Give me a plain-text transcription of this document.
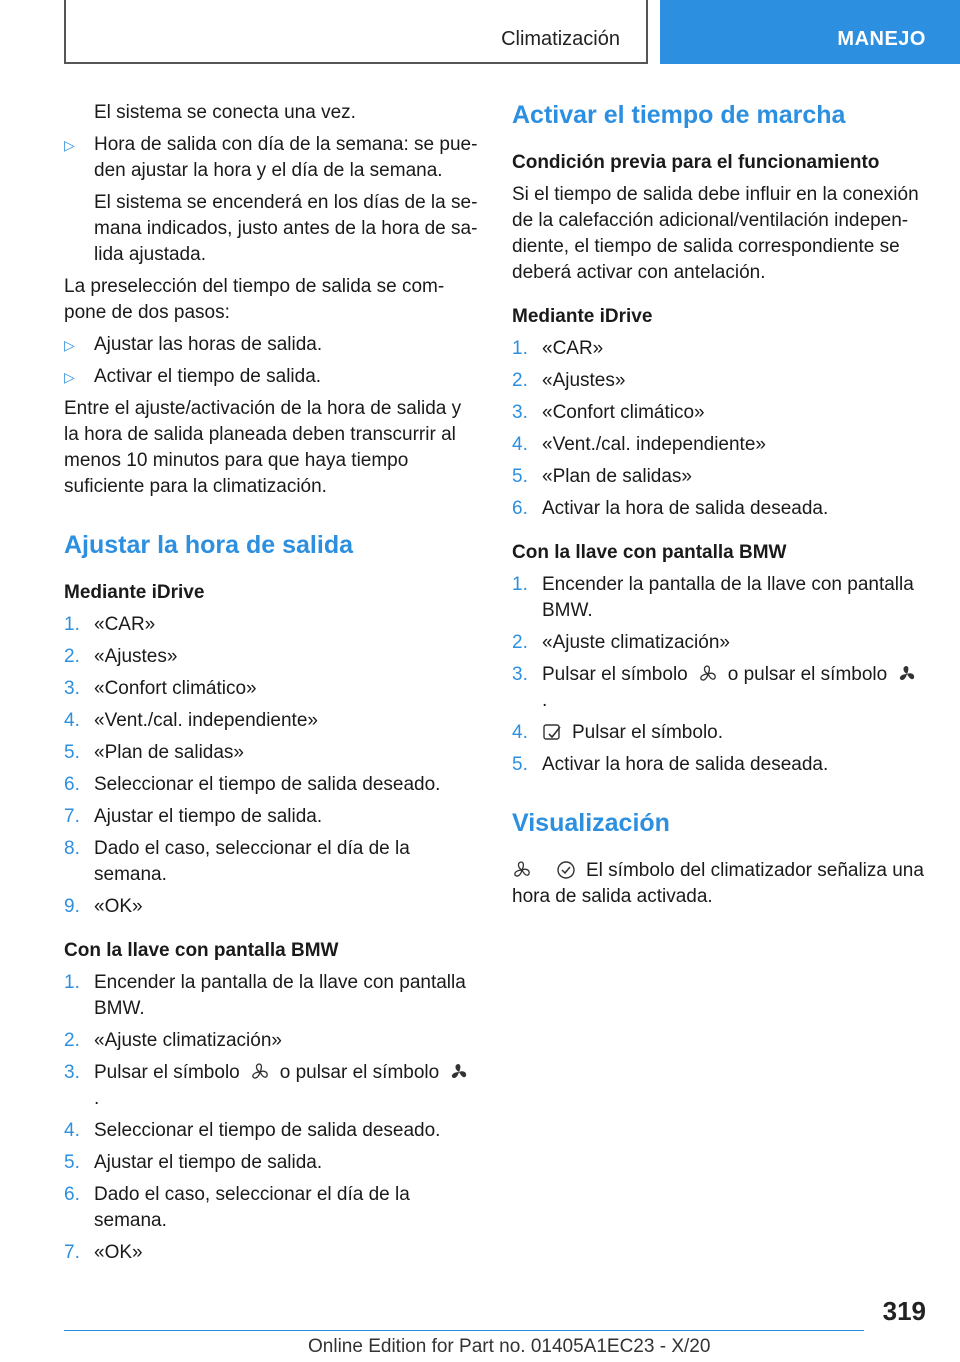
Climatización	MANEJO

El sistema se conecta una vez.

▷ Hora de salida con día de la semana: se pueden ajustar la hora y el día de la semana.

El sistema se encenderá en los días de la semana indicados, justo antes de la hora de salida ajustada.

La preselección del tiempo de salida se compone de dos pasos:

▷ Ajustar las horas de salida.
▷ Activar el tiempo de salida.

Entre el ajuste/activación de la hora de salida y la hora de salida planeada deben transcurrir al menos 10 minutos para que haya tiempo suficiente para la climatización.

Ajustar la hora de salida
Mediante iDrive
1. «CAR»
2. «Ajustes»
3. «Confort climático»
4. «Vent./cal. independiente»
5. «Plan de salidas»
6. Seleccionar el tiempo de salida deseado.
7. Ajustar el tiempo de salida.
8. Dado el caso, seleccionar el día de la semana.
9. «OK»
Con la llave con pantalla BMW
1. Encender la pantalla de la llave con pantalla BMW.
2. «Ajuste climatización»
3. Pulsar el símbolo o pulsar el símbolo.
4. Seleccionar el tiempo de salida deseado.
5. Ajustar el tiempo de salida.
6. Dado el caso, seleccionar el día de la semana.
7. «OK»
Activar el tiempo de marcha
Condición previa para el funcionamiento

Si el tiempo de salida debe influir en la conexión de la calefacción adicional/ventilación independiente, el tiempo de salida correspondiente se deberá activar con antelación.

Mediante iDrive
1. «CAR»
2. «Ajustes»
3. «Confort climático»
4. «Vent./cal. independiente»
5. «Plan de salidas»
6. Activar la hora de salida deseada.
Con la llave con pantalla BMW
1. Encender la pantalla de la llave con pantalla BMW.
2. «Ajuste climatización»
3. Pulsar el símbolo o pulsar el símbolo.
4. Pulsar el símbolo.
5. Activar la hora de salida deseada.
Visualización

El símbolo del climatizador señaliza una hora de salida activada.

319
Online Edition for Part no. 01405A1EC23 - X/20
